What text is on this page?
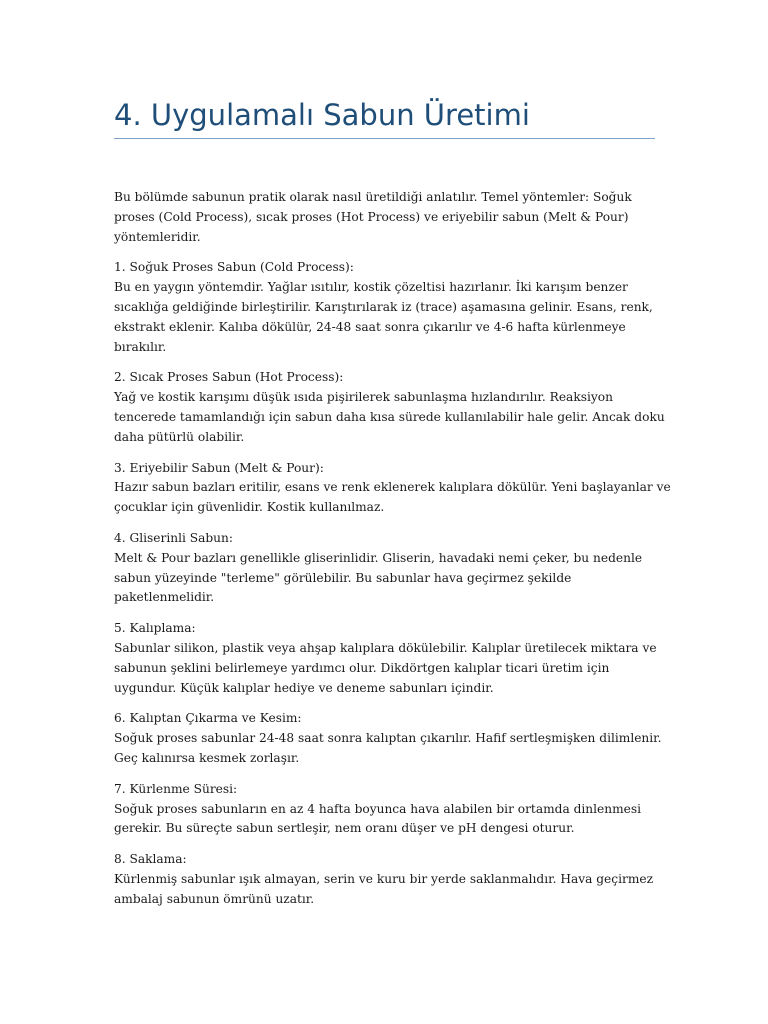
4. Uygulamalı Sabun Üretimi

Bu bölümde sabunun pratik olarak nasıl üretildiği anlatılır. Temel yöntemler: Soğuk proses (Cold Process), sıcak proses (Hot Process) ve eriyebilir sabun (Melt & Pour) yöntemleridir.

1. Soğuk Proses Sabun (Cold Process):

Bu en yaygın yöntemdir. Yağlar ısıtılır, kostik çözeltisi hazırlanır. İki karışım benzer sıcaklığa geldiğinde birleştirilir. Karıştırılarak iz (trace) aşamasına gelinir. Esans, renk, ekstrakt eklenir. Kalıba dökülür, 24-48 saat sonra çıkarılır ve 4-6 hafta kürlenmeye bırakılır.

2. Sıcak Proses Sabun (Hot Process):

Yağ ve kostik karışımı düşük ısıda pişirilerek sabunlaşma hızlandırılır. Reaksiyon tencerede tamamlandığı için sabun daha kısa sürede kullanılabilir hale gelir. Ancak doku daha pütürlü olabilir.

3. Eriyebilir Sabun (Melt & Pour):

Hazır sabun bazları eritilir, esans ve renk eklenerek kalıplara dökülür. Yeni başlayanlar ve çocuklar için güvenlidir. Kostik kullanılmaz.

4. Gliserinli Sabun:

Melt & Pour bazları genellikle gliserinlidir. Gliserin, havadaki nemi çeker, bu nedenle sabun yüzeyinde "terleme" görülebilir. Bu sabunlar hava geçirmez şekilde paketlenmelidir.

5. Kalıplama:

Sabunlar silikon, plastik veya ahşap kalıplara dökülebilir. Kalıplar üretilecek miktara ve sabunun şeklini belirlemeye yardımcı olur. Dikdörtgen kalıplar ticari üretim için uygundur. Küçük kalıplar hediye ve deneme sabunları içindir.

6. Kalıptan Çıkarma ve Kesim:

Soğuk proses sabunlar 24-48 saat sonra kalıptan çıkarılır. Hafif sertleşmişken dilimlenir. Geç kalınırsa kesmek zorlaşır.

7. Kürlenme Süresi:

Soğuk proses sabunların en az 4 hafta boyunca hava alabilen bir ortamda dinlenmesi gerekir. Bu süreçte sabun sertleşir, nem oranı düşer ve pH dengesi oturur.

8. Saklama:

Kürlenmiş sabunlar ışık almayan, serin ve kuru bir yerde saklanmalıdır. Hava geçirmez ambalaj sabunun ömrünü uzatır.
